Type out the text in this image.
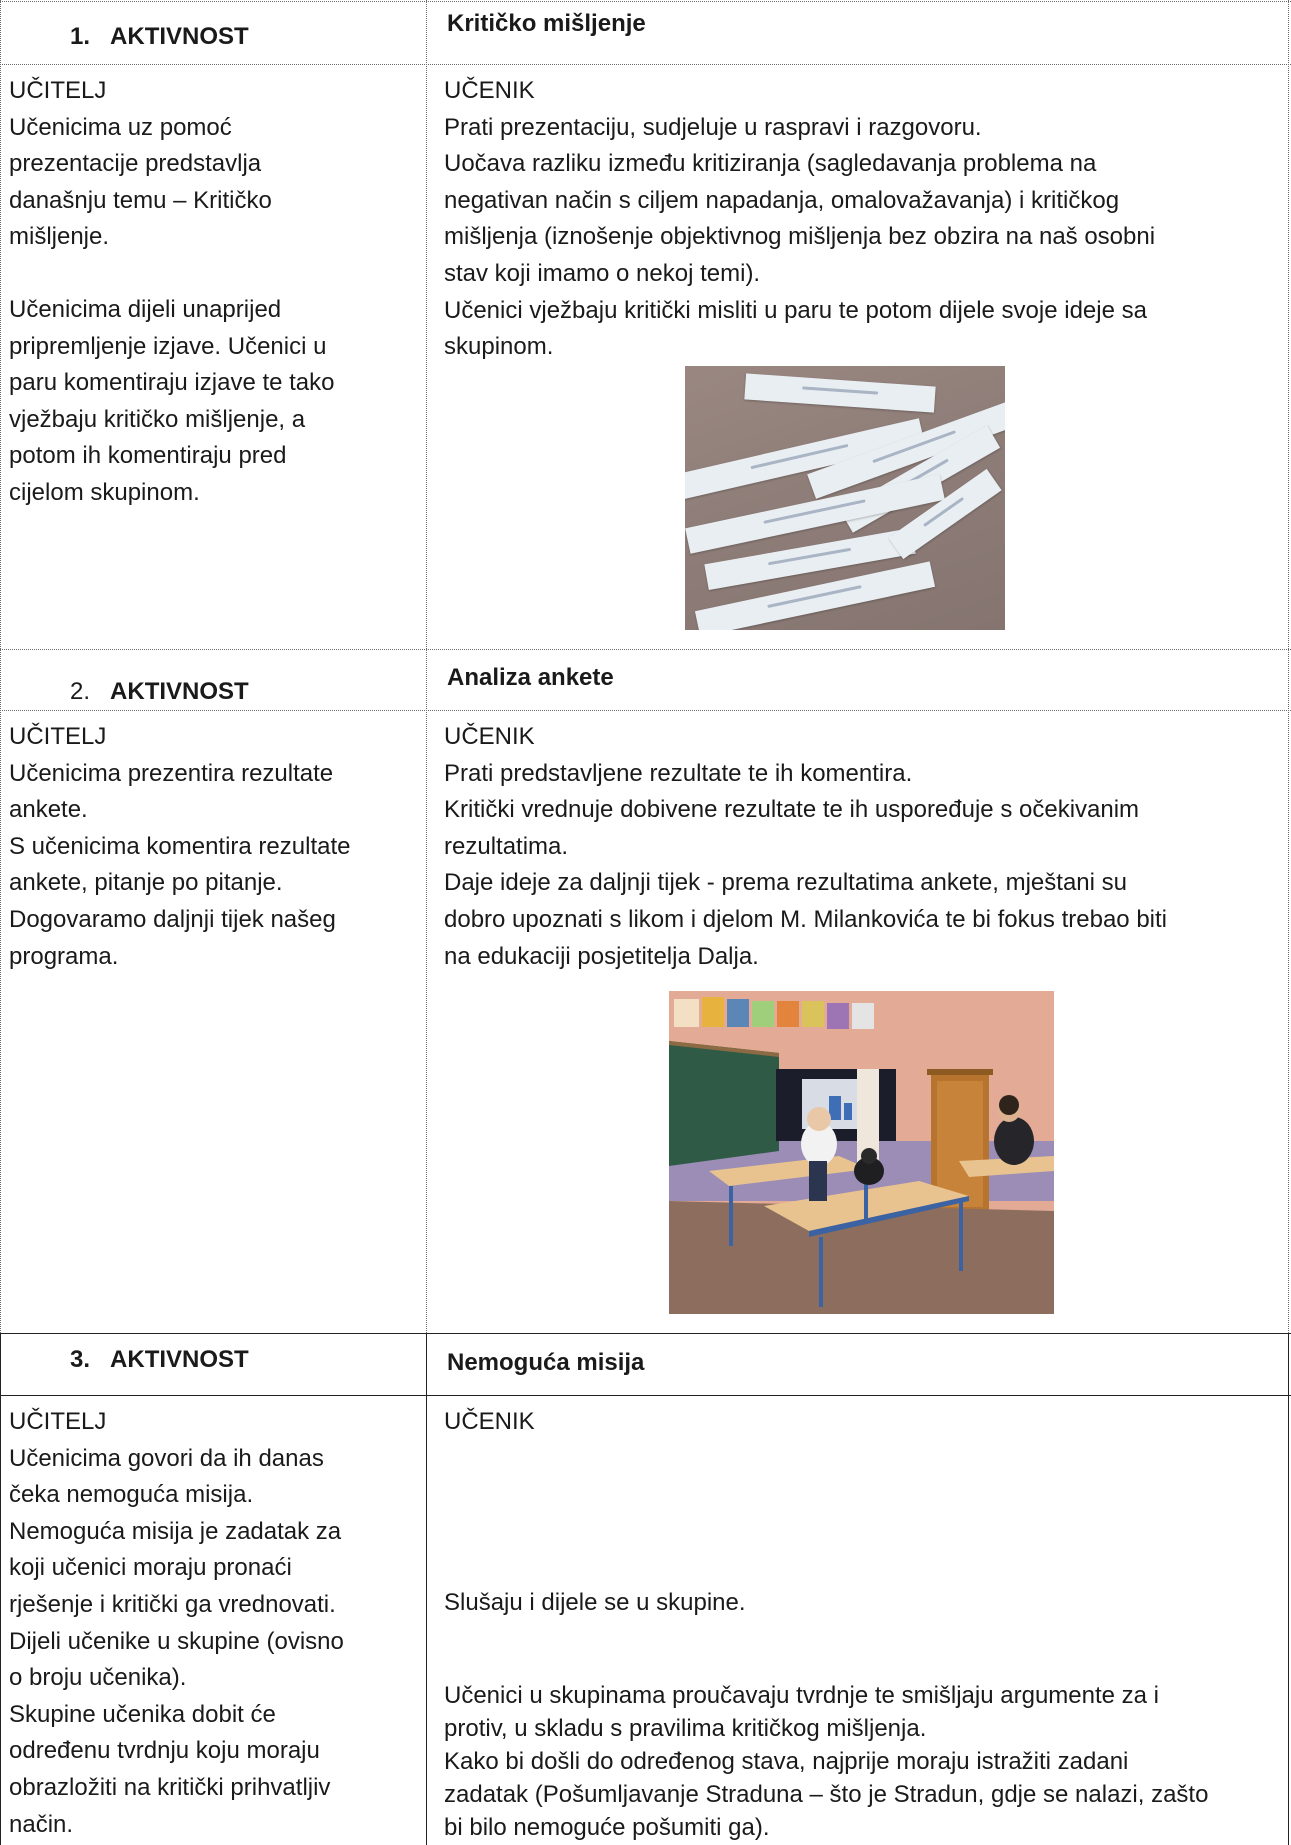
1. AKTIVNOST	Kritičko mišljenje
UČITELJ
Učenicima uz pomoć
prezentacije predstavlja
današnju temu – Kritičko
mišljenje.
Učenicima dijeli unaprijed
pripremljenje izjave. Učenici u
paru komentiraju izjave te tako
vježbaju kritičko mišljenje, a
potom ih komentiraju pred
cijelom skupinom.
UČENIK
Prati prezentaciju, sudjeluje u raspravi i razgovoru.
Uočava razliku između kritiziranja (sagledavanja problema na
negativan način s ciljem napadanja, omalovažavanja) i kritičkog
mišljenja (iznošenje objektivnog mišljenja bez obzira na naš osobni
stav koji imamo o nekoj temi).
Učenici vježbaju kritički misliti u paru te potom dijele svoje ideje sa
skupinom.
2. AKTIVNOST
Analiza ankete
UČITELJ
Učenicima prezentira rezultate
ankete.
S učenicima komentira rezultate
ankete, pitanje po pitanje.
Dogovaramo daljnji tijek našeg
programa.
UČENIK
Prati predstavljene rezultate te ih komentira.
Kritički vrednuje dobivene rezultate te ih uspoređuje s očekivanim
rezultatima.
Daje ideje za daljnji tijek - prema rezultatima ankete, mještani su
dobro upoznati s likom i djelom M. Milankovića te bi fokus trebao biti
na edukaciji posjetitelja Dalja.
3. AKTIVNOST	Nemoguća misija
UČITELJ
Učenicima govori da ih danas
čeka nemoguća misija.
Nemoguća misija je zadatak za
koji učenici moraju pronaći
rješenje i kritički ga vrednovati.
Dijeli učenike u skupine (ovisno
o broju učenika).
Skupine učenika dobit će
određenu tvrdnju koju moraju
obrazložiti na kritički prihvatljiv
način.
UČENIK
Slušaju i dijele se u skupine.
Učenici u skupinama proučavaju tvrdnje te smišljaju argumente za i
protiv, u skladu s pravilima kritičkog mišljenja.
Kako bi došli do određenog stava, najprije moraju istražiti zadani
zadatak (Pošumljavanje Straduna – što je Stradun, gdje se nalazi, zašto
bi bilo nemoguće pošumiti ga).
